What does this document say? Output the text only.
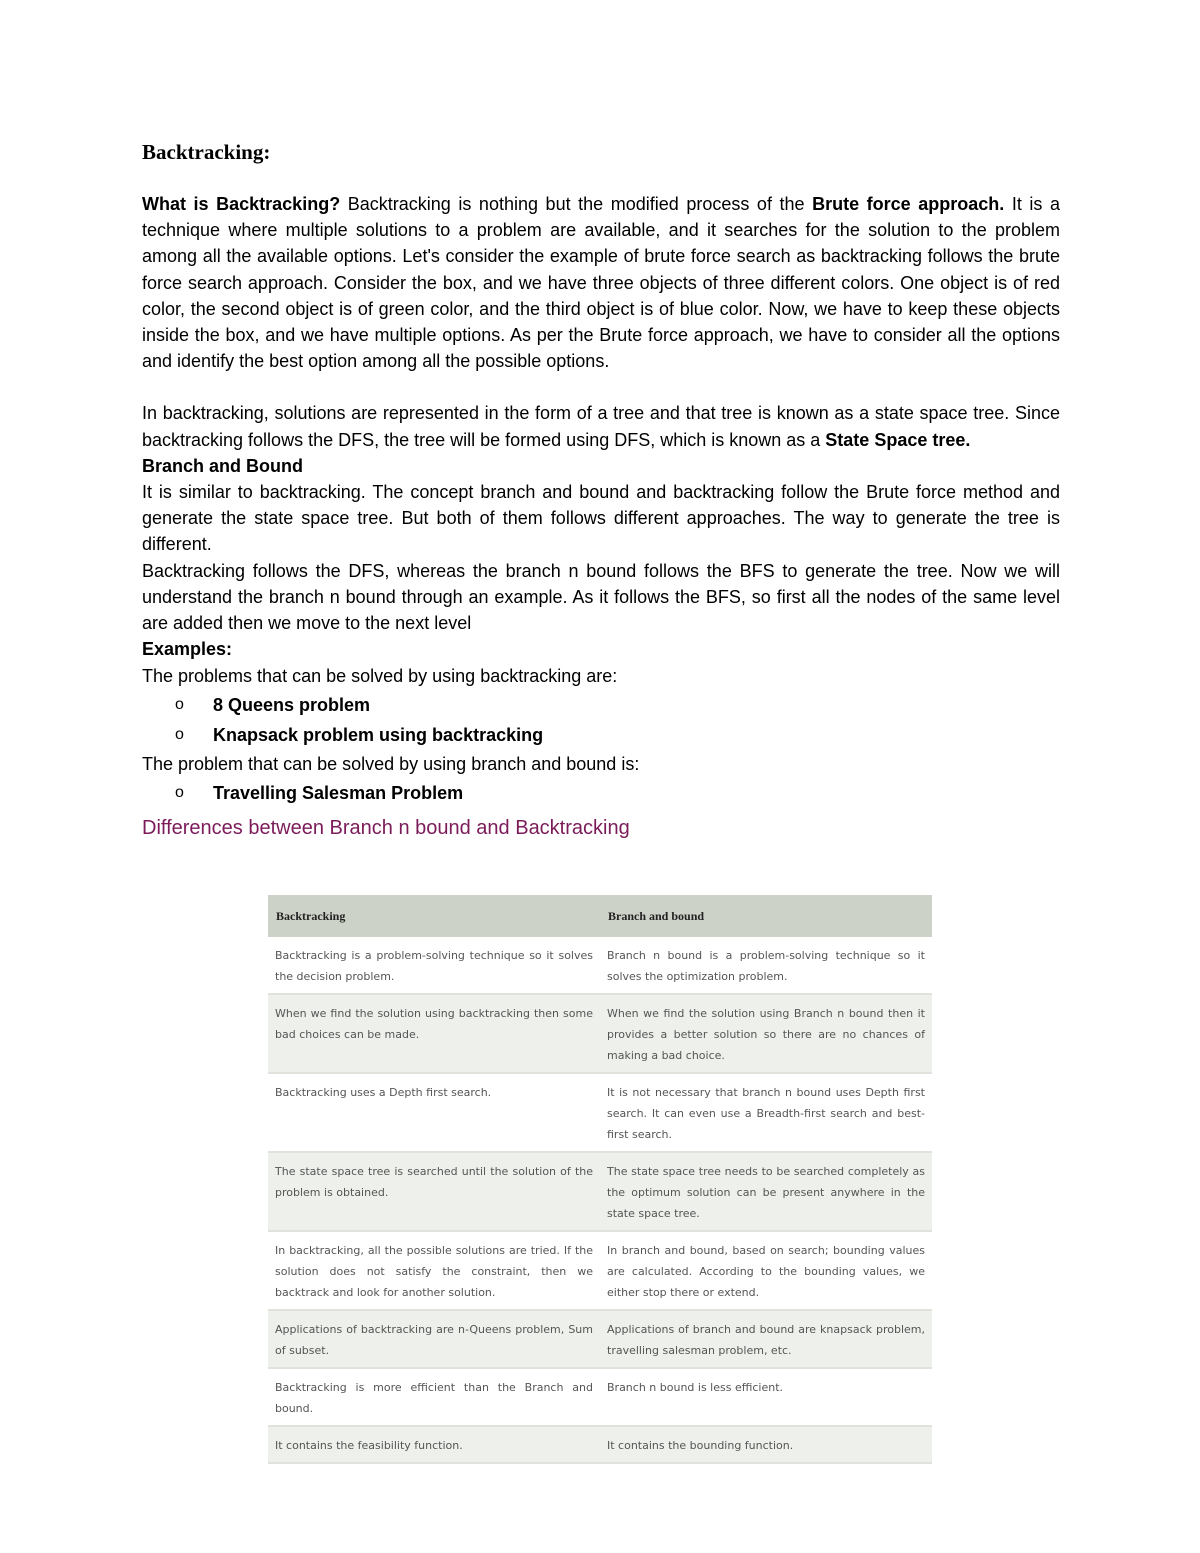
Backtracking:

What is Backtracking? Backtracking is nothing but the modified process of the Brute force approach. It is a technique where multiple solutions to a problem are available, and it searches for the solution to the problem among all the available options. Let's consider the example of brute force search as backtracking follows the brute force search approach. Consider the box, and we have three objects of three different colors. One object is of red color, the second object is of green color, and the third object is of blue color. Now, we have to keep these objects inside the box, and we have multiple options. As per the Brute force approach, we have to consider all the options and identify the best option among all the possible options.

In backtracking, solutions are represented in the form of a tree and that tree is known as a state space tree. Since backtracking follows the DFS, the tree will be formed using DFS, which is known as a State Space tree.

Branch and Bound

It is similar to backtracking. The concept branch and bound and backtracking follow the Brute force method and generate the state space tree. But both of them follows different approaches. The way to generate the tree is different.

Backtracking follows the DFS, whereas the branch n bound follows the BFS to generate the tree. Now we will understand the branch n bound through an example. As it follows the BFS, so first all the nodes of the same level are added then we move to the next level

Examples:

The problems that can be solved by using backtracking are:

o 8 Queens problem
o Knapsack problem using backtracking

The problem that can be solved by using branch and bound is:

o Travelling Salesman Problem
Differences between Branch n bound and Backtracking
Backtracking	Branch and bound
Backtracking is a problem-solving technique so it solves the decision problem.	Branch n bound is a problem-solving technique so it solves the optimization problem.
When we find the solution using backtracking then some bad choices can be made.	When we find the solution using Branch n bound then it provides a better solution so there are no chances of making a bad choice.
Backtracking uses a Depth first search.	It is not necessary that branch n bound uses Depth first search. It can even use a Breadth-first search and best-first search.
The state space tree is searched until the solution of the problem is obtained.	The state space tree needs to be searched completely as the optimum solution can be present anywhere in the state space tree.
In backtracking, all the possible solutions are tried. If the solution does not satisfy the constraint, then we backtrack and look for another solution.	In branch and bound, based on search; bounding values are calculated. According to the bounding values, we either stop there or extend.
Applications of backtracking are n-Queens problem, Sum of subset.	Applications of branch and bound are knapsack problem, travelling salesman problem, etc.
Backtracking is more efficient than the Branch and bound.	Branch n bound is less efficient.
It contains the feasibility function.	It contains the bounding function.
